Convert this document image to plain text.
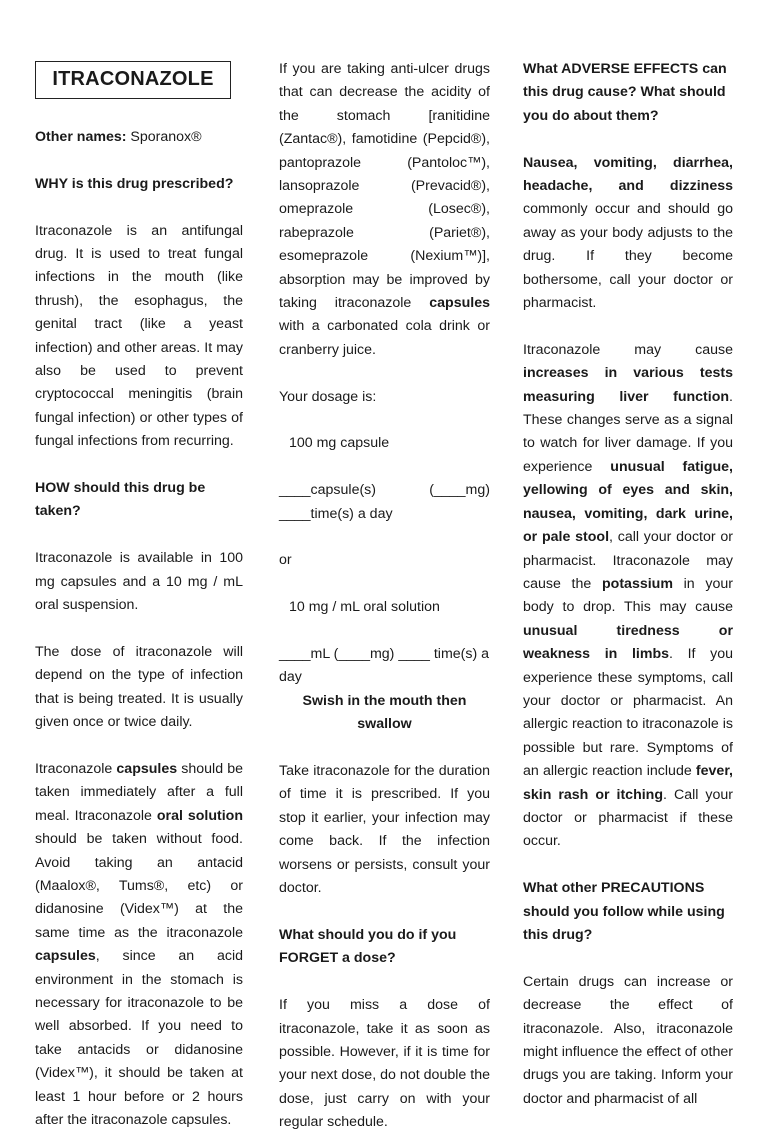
ITRACONAZOLE

Other names: Sporanox®

WHY is this drug prescribed?

Itraconazole is an antifungal drug. It is used to treat fungal infections in the mouth (like thrush), the esophagus, the genital tract (like a yeast infection) and other areas. It may also be used to prevent cryptococcal meningitis (brain fungal infection) or other types of fungal infections from recurring.

HOW should this drug be taken?

Itraconazole is available in 100 mg capsules and a 10 mg / mL oral suspension.

The dose of itraconazole will depend on the type of infection that is being treated. It is usually given once or twice daily.

Itraconazole capsules should be taken immediately after a full meal. Itraconazole oral solution should be taken without food. Avoid taking an antacid (Maalox®, Tums®, etc) or didanosine (Videx™) at the same time as the itraconazole capsules, since an acid environment in the stomach is necessary for itraconazole to be well absorbed. If you need to take antacids or didanosine (Videx™), it should be taken at least 1 hour before or 2 hours after the itraconazole capsules.

If you are taking anti-ulcer drugs that can decrease the acidity of the stomach [ranitidine (Zantac®), famotidine (Pepcid®), pantoprazole (Pantoloc™), lansoprazole (Prevacid®), omeprazole (Losec®), rabeprazole (Pariet®), esomeprazole (Nexium™)], absorption may be improved by taking itraconazole capsules with a carbonated cola drink or cranberry juice.

Your dosage is:

100 mg capsule

____capsule(s) (____mg) ____time(s) a day

or

10 mg / mL oral solution

____mL (____mg) ____ time(s) a day

Swish in the mouth then swallow

Take itraconazole for the duration of time it is prescribed. If you stop it earlier, your infection may come back. If the infection worsens or persists, consult your doctor.

What should you do if you FORGET a dose?

If you miss a dose of itraconazole, take it as soon as possible. However, if it is time for your next dose, do not double the dose, just carry on with your regular schedule.

What ADVERSE EFFECTS can this drug cause? What should you do about them?

Nausea, vomiting, diarrhea, headache, and dizziness commonly occur and should go away as your body adjusts to the drug. If they become bothersome, call your doctor or pharmacist.

Itraconazole may cause increases in various tests measuring liver function. These changes serve as a signal to watch for liver damage. If you experience unusual fatigue, yellowing of eyes and skin, nausea, vomiting, dark urine, or pale stool, call your doctor or pharmacist. Itraconazole may cause the potassium in your body to drop. This may cause unusual tiredness or weakness in limbs. If you experience these symptoms, call your doctor or pharmacist. An allergic reaction to itraconazole is possible but rare. Symptoms of an allergic reaction include fever, skin rash or itching. Call your doctor or pharmacist if these occur.

What other PRECAUTIONS should you follow while using this drug?

Certain drugs can increase or decrease the effect of itraconazole. Also, itraconazole might influence the effect of other drugs you are taking. Inform your doctor and pharmacist of all
